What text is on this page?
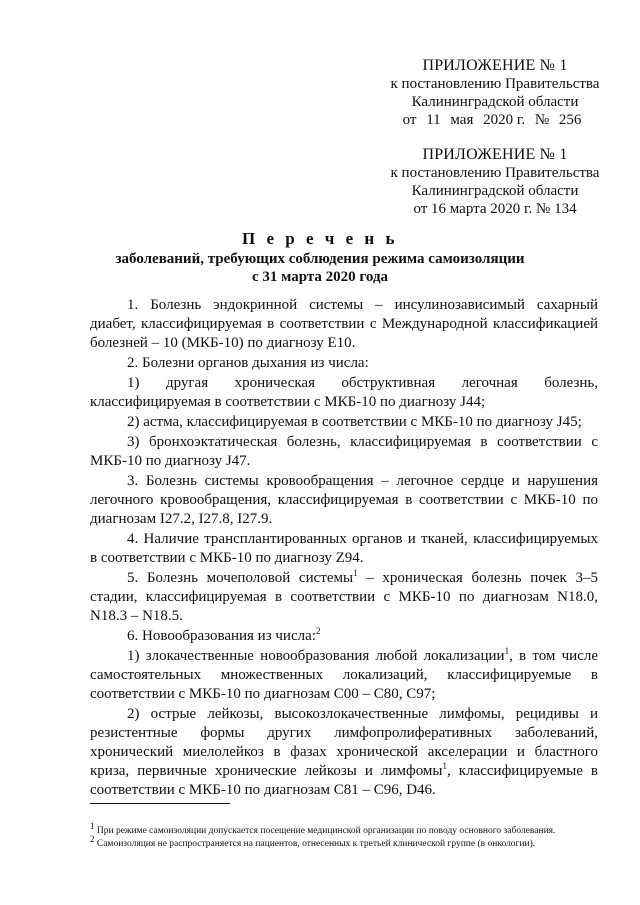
ПРИЛОЖЕНИЕ № 1
к постановлению Правительства
Калининградской области
от 11 мая 2020 г. № 256
ПРИЛОЖЕНИЕ № 1
к постановлению Правительства
Калининградской области
от 16 марта 2020 г. № 134
П е р е ч е н ь
заболеваний, требующих соблюдения режима самоизоляции
с 31 марта 2020 года

1. Болезнь эндокринной системы – инсулинозависимый сахарный диабет, классифицируемая в соответствии с Международной классификацией болезней – 10 (МКБ-10) по диагнозу Е10.

2. Болезни органов дыхания из числа:

1) другая хроническая обструктивная легочная болезнь, классифицируемая в соответствии с МКБ-10 по диагнозу J44;

2) астма, классифицируемая в соответствии с МКБ-10 по диагнозу J45;

3) бронхоэктатическая болезнь, классифицируемая в соответствии с МКБ-10 по диагнозу J47.

3. Болезнь системы кровообращения – легочное сердце и нарушения легочного кровообращения, классифицируемая в соответствии с МКБ-10 по диагнозам I27.2, I27.8, I27.9.

4. Наличие трансплантированных органов и тканей, классифицируемых в соответствии с МКБ-10 по диагнозу Z94.

5. Болезнь мочеполовой системы$^1$ – хроническая болезнь почек 3–5 стадии, классифицируемая в соответствии с МКБ-10 по диагнозам N18.0, N18.3 – N18.5.

6. Новообразования из числа:$^2$

1) злокачественные новообразования любой локализации$^1$, в том числе самостоятельных множественных локализаций, классифицируемые в соответствии с МКБ-10 по диагнозам С00 – С80, С97;

2) острые лейкозы, высокозлокачественные лимфомы, рецидивы и резистентные формы других лимфопролиферативных заболеваний, хронический миелолейкоз в фазах хронической акселерации и бластного криза, первичные хронические лейкозы и лимфомы$^1$, классифицируемые в соответствии с МКБ-10 по диагнозам С81 – С96, D46.

$^1$ При режиме самоизоляции допускается посещение медицинской организации по поводу основного заболевания.

$^2$ Самоизоляция не распространяется на пациентов, отнесенных к третьей клинической группе (в онкологии).
